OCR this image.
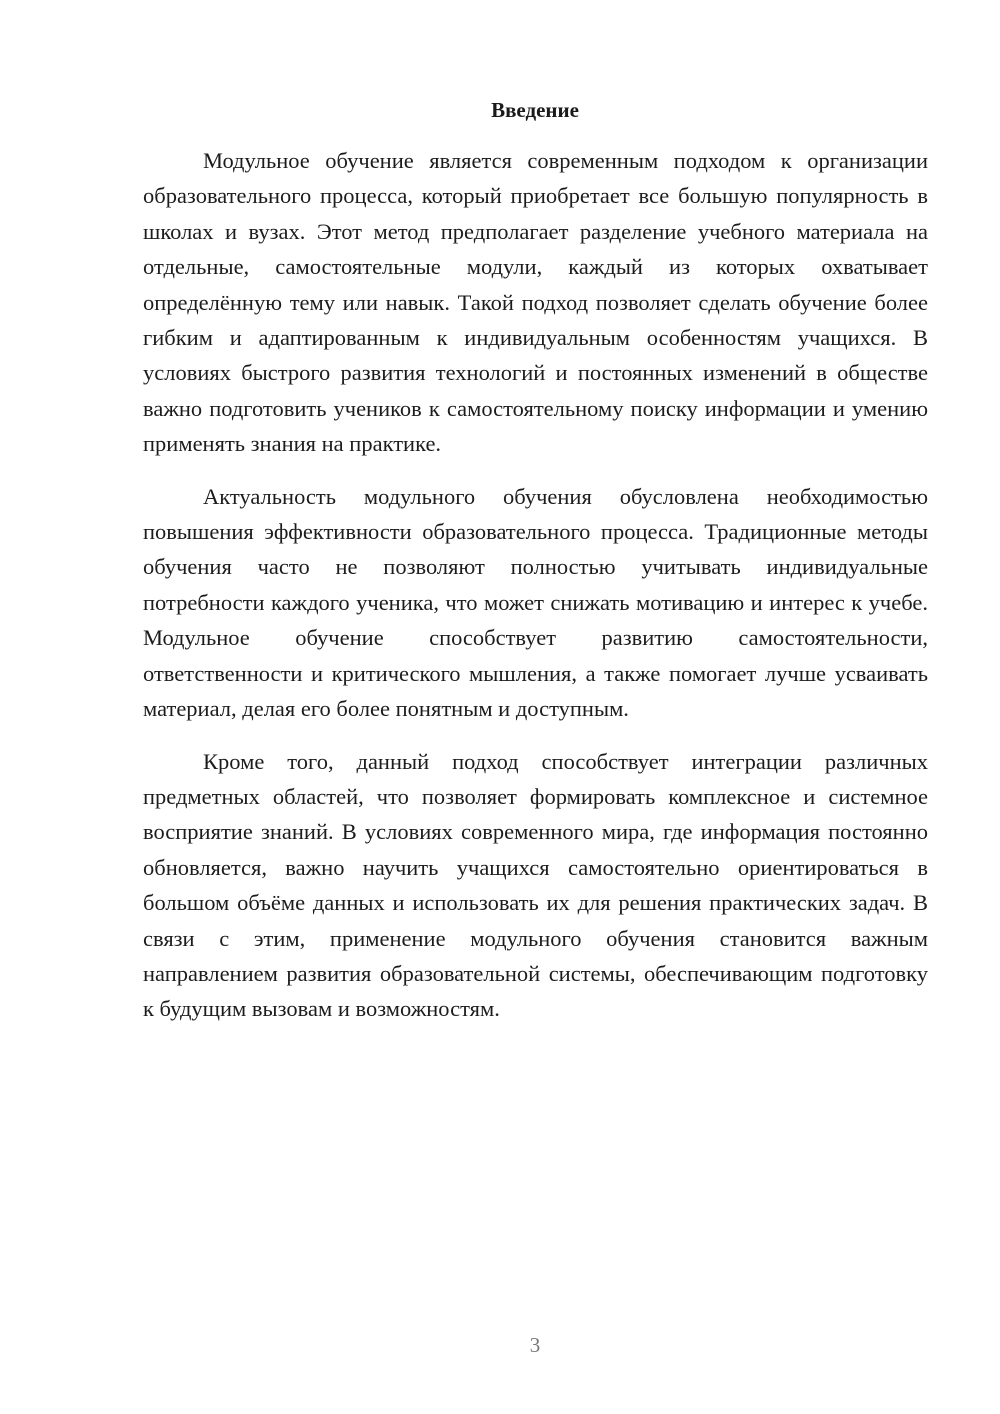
Введение

Модульное обучение является современным подходом к организации образовательного процесса, который приобретает все большую популярность в школах и вузах. Этот метод предполагает разделение учебного материала на отдельные, самостоятельные модули, каждый из которых охватывает определённую тему или навык. Такой подход позволяет сделать обучение более гибким и адаптированным к индивидуальным особенностям учащихся. В условиях быстрого развития технологий и постоянных изменений в обществе важно подготовить учеников к самостоятельному поиску информации и умению применять знания на практике.

Актуальность модульного обучения обусловлена необходимостью повышения эффективности образовательного процесса. Традиционные методы обучения часто не позволяют полностью учитывать индивидуальные потребности каждого ученика, что может снижать мотивацию и интерес к учебе. Модульное обучение способствует развитию самостоятельности, ответственности и критического мышления, а также помогает лучше усваивать материал, делая его более понятным и доступным.

Кроме того, данный подход способствует интеграции различных предметных областей, что позволяет формировать комплексное и системное восприятие знаний. В условиях современного мира, где информация постоянно обновляется, важно научить учащихся самостоятельно ориентироваться в большом объёме данных и использовать их для решения практических задач. В связи с этим, применение модульного обучения становится важным направлением развития образовательной системы, обеспечивающим подготовку к будущим вызовам и возможностям.

3
